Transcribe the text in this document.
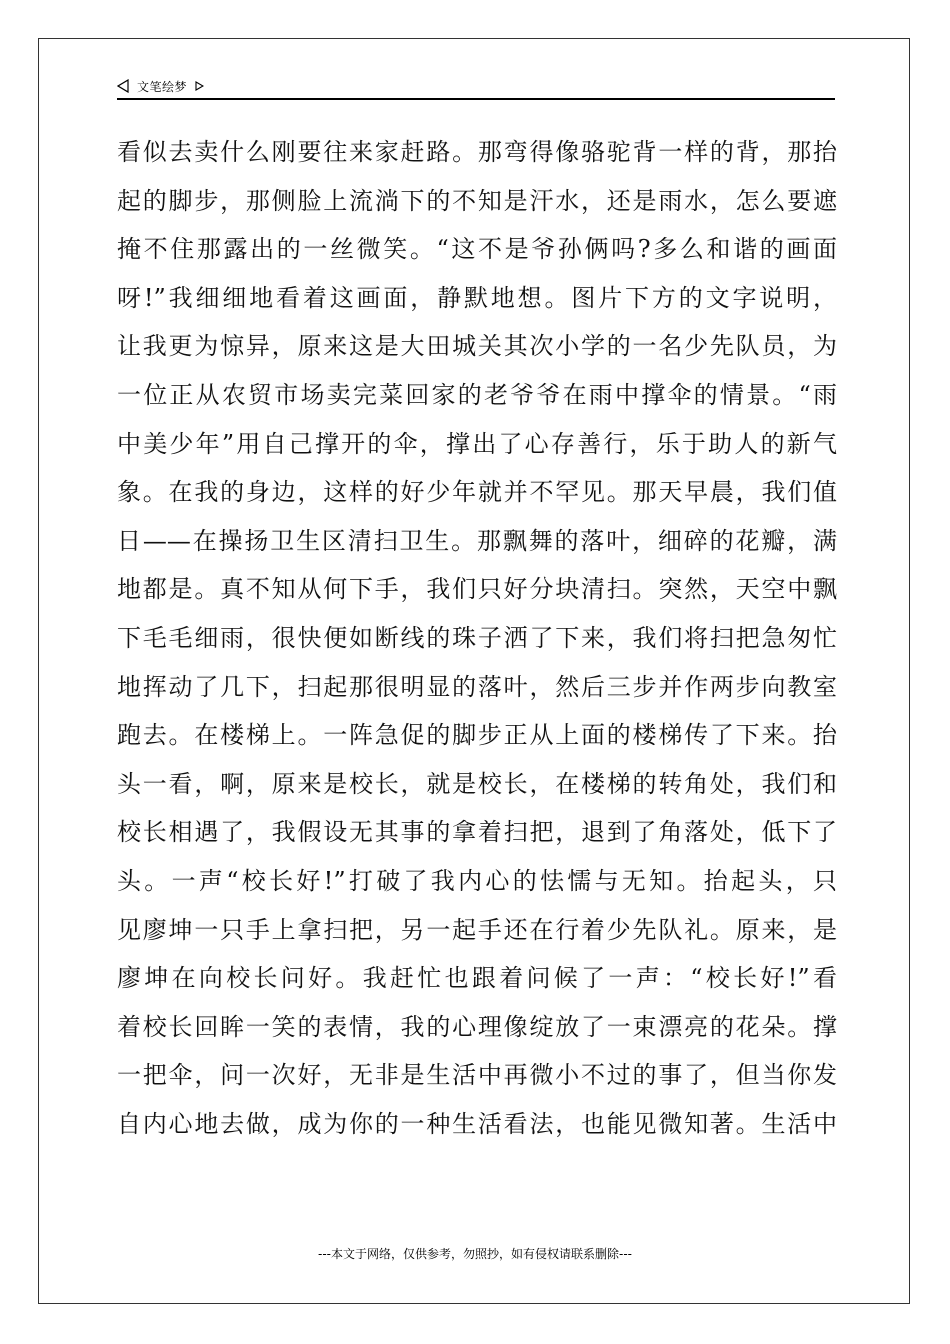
文笔绘梦
看似去卖什么刚要往来家赶路。那弯得像骆驼背一样的背，那抬
起的脚步，那侧脸上流淌下的不知是汗水，还是雨水，怎么要遮
掩不住那露出的一丝微笑。“这不是爷孙俩吗?多么和谐的画面
呀!”我细细地看着这画面，静默地想。图片下方的文字说明，
让我更为惊异，原来这是大田城关其次小学的一名少先队员，为
一位正从农贸市场卖完菜回家的老爷爷在雨中撑伞的情景。“雨
中美少年”用自己撑开的伞，撑出了心存善行，乐于助人的新气
象。在我的身边，这样的好少年就并不罕见。那天早晨，我们值
日——在操扬卫生区清扫卫生。那飘舞的落叶，细碎的花瓣，满
地都是。真不知从何下手，我们只好分块清扫。突然，天空中飘
下毛毛细雨，很快便如断线的珠子洒了下来，我们将扫把急匆忙
地挥动了几下，扫起那很明显的落叶，然后三步并作两步向教室
跑去。在楼梯上。一阵急促的脚步正从上面的楼梯传了下来。抬
头一看，啊，原来是校长，就是校长，在楼梯的转角处，我们和
校长相遇了，我假设无其事的拿着扫把，退到了角落处，低下了
头。一声“校长好!”打破了我内心的怯懦与无知。抬起头，只
见廖坤一只手上拿扫把，另一起手还在行着少先队礼。原来，是
廖坤在向校长问好。我赶忙也跟着问候了一声：“校长好!”看
着校长回眸一笑的表情，我的心理像绽放了一束漂亮的花朵。撑
一把伞，问一次好，无非是生活中再微小不过的事了，但当你发
自内心地去做，成为你的一种生活看法，也能见微知著。生活中
---本文于网络，仅供参考，勿照抄，如有侵权请联系删除---
